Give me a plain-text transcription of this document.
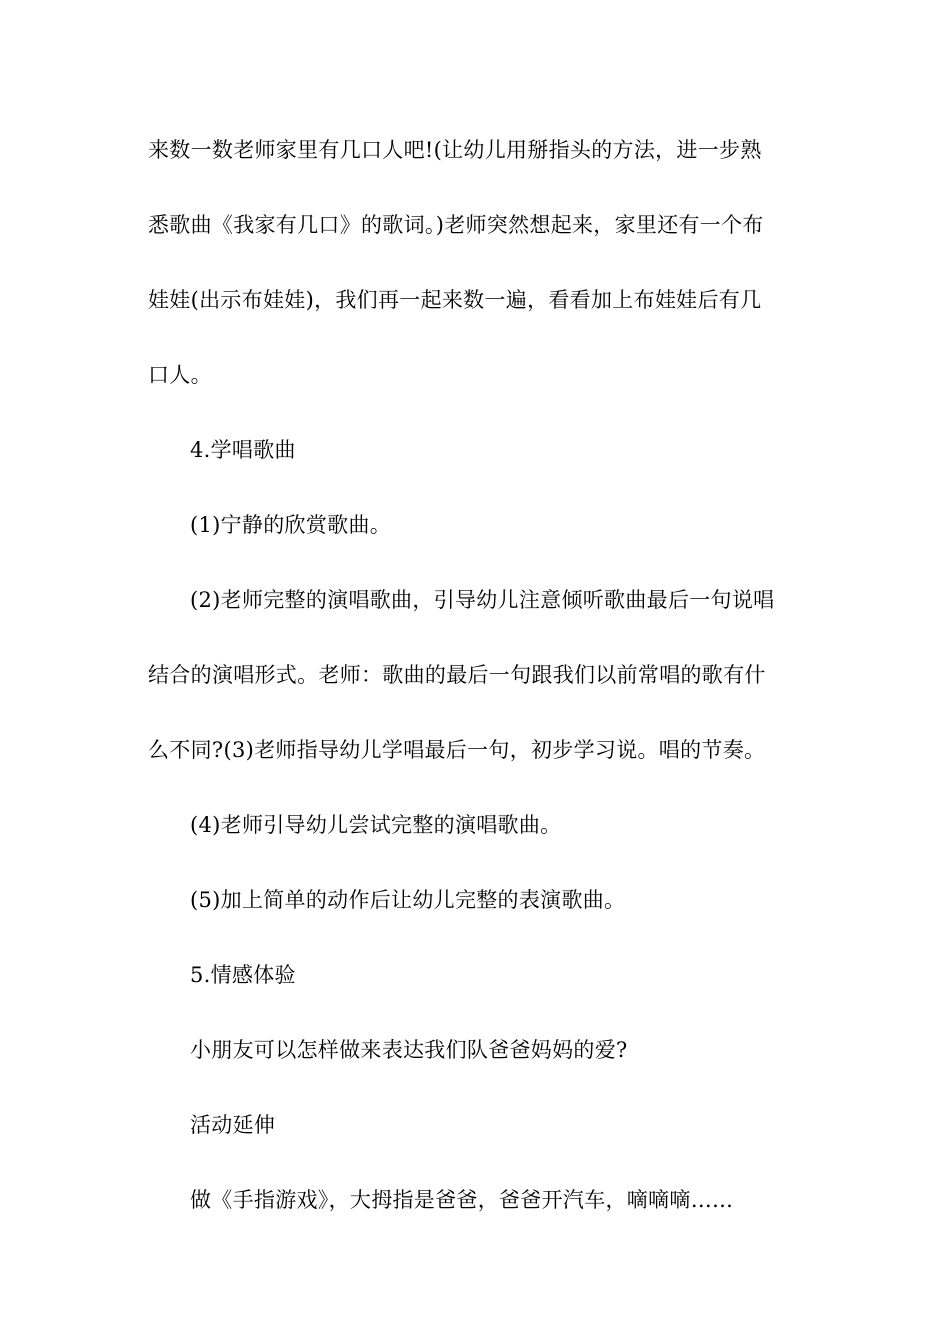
来数一数老师家里有几口人吧!(让幼儿用掰指头的方法，进一步熟
悉歌曲《我家有几口》的歌词。)老师突然想起来，家里还有一个布
娃娃(出示布娃娃)，我们再一起来数一遍，看看加上布娃娃后有几
口人。
4.学唱歌曲
(1)宁静的欣赏歌曲。
(2)老师完整的演唱歌曲，引导幼儿注意倾听歌曲最后一句说唱
结合的演唱形式。老师：歌曲的最后一句跟我们以前常唱的歌有什
么不同?(3)老师指导幼儿学唱最后一句，初步学习说。唱的节奏。
(4)老师引导幼儿尝试完整的演唱歌曲。
(5)加上简单的动作后让幼儿完整的表演歌曲。
5.情感体验
小朋友可以怎样做来表达我们队爸爸妈妈的爱?
活动延伸
做《手指游戏》，大拇指是爸爸，爸爸开汽车，嘀嘀嘀……
